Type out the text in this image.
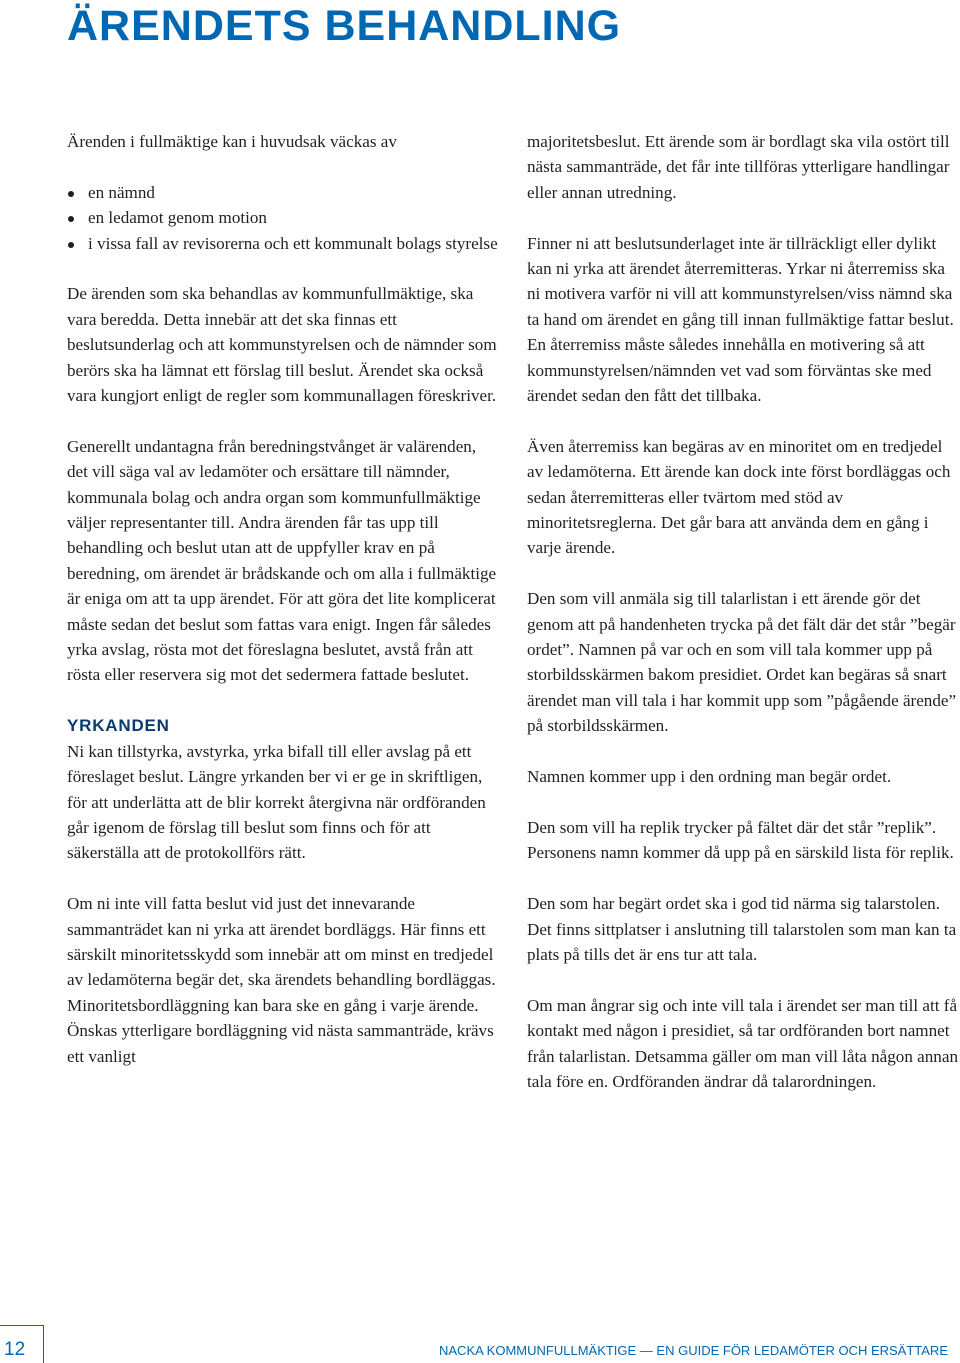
ÄRENDETS BEHANDLING

Ärenden i fullmäktige kan i huvudsak väckas av

en nämnd
en ledamot genom motion
i vissa fall av revisorerna och ett kommunalt bolags styrelse

De ärenden som ska behandlas av kommunfullmäktige, ska vara beredda. Detta innebär att det ska finnas ett beslutsunderlag och att kommunstyrelsen och de nämnder som berörs ska ha lämnat ett förslag till beslut. Ärendet ska också vara kungjort enligt de regler som kommunallagen föreskriver.

Generellt undantagna från beredningstvånget är valärenden, det vill säga val av ledamöter och ersättare till nämnder, kommunala bolag och andra organ som kommunfullmäktige väljer representanter till. Andra ärenden får tas upp till behandling och beslut utan att de uppfyller krav en på beredning, om ärendet är brådskande och om alla i fullmäktige är eniga om att ta upp ärendet. För att göra det lite komplicerat måste sedan det beslut som fattas vara enigt. Ingen får således yrka avslag, rösta mot det föreslagna beslutet, avstå från att rösta eller reservera sig mot det sedermera fattade beslutet.

YRKANDEN

Ni kan tillstyrka, avstyrka, yrka bifall till eller avslag på ett föreslaget beslut. Längre yrkanden ber vi er ge in skriftligen, för att underlätta att de blir korrekt återgivna när ordföranden går igenom de förslag till beslut som finns och för att säkerställa att de protokollförs rätt.

Om ni inte vill fatta beslut vid just det innevarande sammanträdet kan ni yrka att ärendet bordläggs. Här finns ett särskilt minoritetsskydd som innebär att om minst en tredjedel av ledamöterna begär det, ska ärendets behandling bordläggas. Minoritetsbordläggning kan bara ske en gång i varje ärende. Önskas ytterligare bordläggning vid nästa sammanträde, krävs ett vanligt

majoritetsbeslut. Ett ärende som är bordlagt ska vila ostört till nästa sammanträde, det får inte tillföras ytterligare handlingar eller annan utredning.

Finner ni att beslutsunderlaget inte är tillräckligt eller dylikt kan ni yrka att ärendet återremitteras. Yrkar ni återremiss ska ni motivera varför ni vill att kommunstyrelsen/viss nämnd ska ta hand om ärendet en gång till innan fullmäktige fattar beslut. En återremiss måste således innehålla en motivering så att kommunstyrelsen/nämnden vet vad som förväntas ske med ärendet sedan den fått det tillbaka.

Även återremiss kan begäras av en minoritet om en tredjedel av ledamöterna. Ett ärende kan dock inte först bordläggas och sedan återremitteras eller tvärtom med stöd av minoritetsreglerna. Det går bara att använda dem en gång i varje ärende.

Den som vill anmäla sig till talarlistan i ett ärende gör det genom att på handenheten trycka på det fält där det står ”begär ordet”. Namnen på var och en som vill tala kommer upp på storbildsskärmen bakom presidiet. Ordet kan begäras så snart ärendet man vill tala i har kommit upp som ”pågående ärende” på storbildsskärmen.

Namnen kommer upp i den ordning man begär ordet.

Den som vill ha replik trycker på fältet där det står ”replik”. Personens namn kommer då upp på en särskild lista för replik.

Den som har begärt ordet ska i god tid närma sig talarstolen. Det finns sittplatser i anslutning till talarstolen som man kan ta plats på tills det är ens tur att tala.

Om man ångrar sig och inte vill tala i ärendet ser man till att få kontakt med någon i presidiet, så tar ordföranden bort namnet från talarlistan. Detsamma gäller om man vill låta någon annan tala före en. Ordföranden ändrar då talarordningen.

12	NACKA KOMMUNFULLMÄKTIGE — EN GUIDE FÖR LEDAMÖTER OCH ERSÄTTARE
